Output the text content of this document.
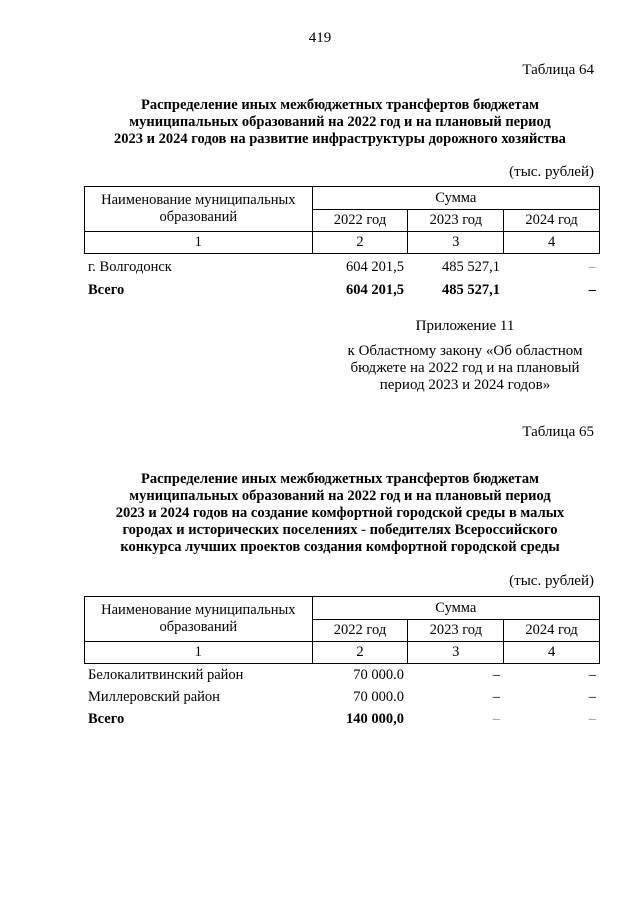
419
Таблица 64
Распределение иных межбюджетных трансфертов бюджетам
муниципальных образований на 2022 год и на плановый период
2023 и 2024 годов на развитие инфраструктуры дорожного хозяйства
(тыс. рублей)
Наименование муниципальных
образований	Сумма		
	2022 год	2023 год	2024 год
1	2	3	4
г. Волгодонск	604 201,5	485 527,1	–
Всего	604 201,5	485 527,1	–
Приложение 11
к Областному закону «Об областном
бюджете на 2022 год и на плановый
период 2023 и 2024 годов»
Таблица 65
Распределение иных межбюджетных трансфертов бюджетам
муниципальных образований на 2022 год и на плановый период
2023 и 2024 годов на создание комфортной городской среды в малых
городах и исторических поселениях - победителях Всероссийского
конкурса лучших проектов создания комфортной городской среды
(тыс. рублей)
Наименование муниципальных
образований	Сумма		
	2022 год	2023 год	2024 год
1	2	3	4
Белокалитвинский район	70 000.0	–	–
Миллеровский район	70 000.0	–	–
Всего	140 000,0	–	–
